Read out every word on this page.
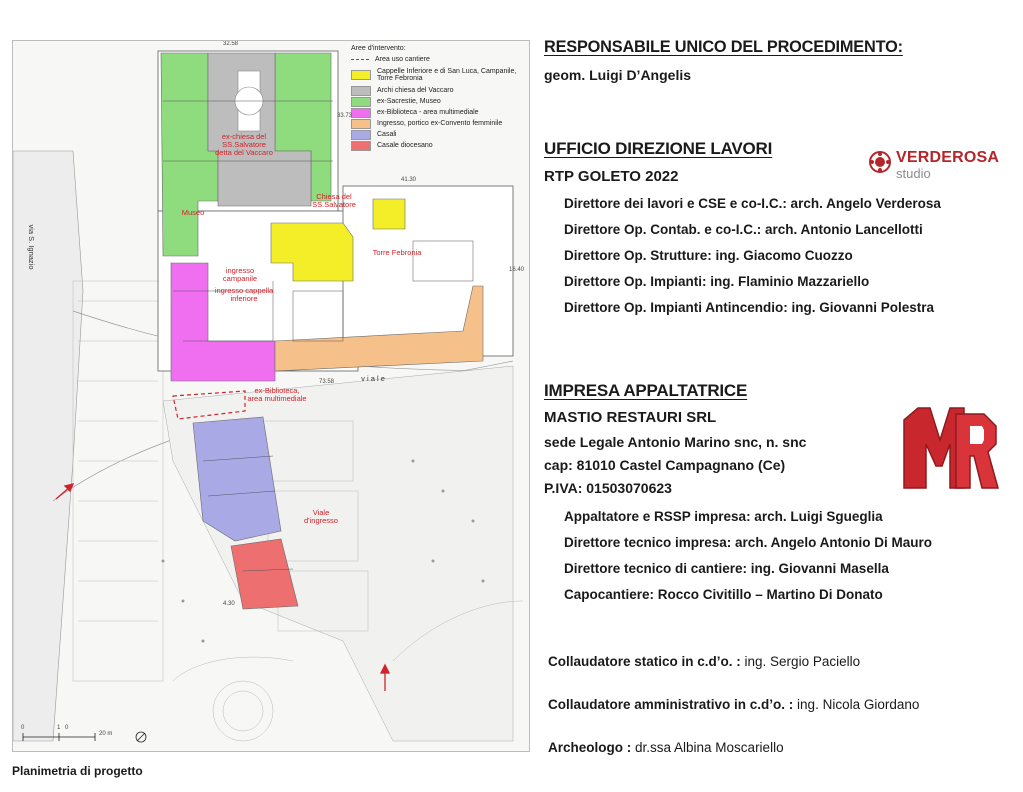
Aree d'intervento:
Area uso cantiere
Cappelle Inferiore e di San Luca, Campanile, Torre Febronia
Archi chiesa del Vaccaro
ex-Sacrestie, Museo
ex-Biblioteca - area multimediale
Ingresso, portico ex-Convento femminile
Casali
Casale diocesano
ex-chiesa del SS.Salvatore detta del Vaccaro
Museo
Chiesa del SS.Salvatore
Torre Febronia
ingresso campanile
ingresso cappella inferiore
ex-Biblioteca, area multimediale
Viale d'ingresso
via S. Ignazio
v i a l e
32.58
41.30
73.58
33.73
16.40
4.30
0	1 0
20 m
Planimetria di progetto
RESPONSABILE UNICO DEL PROCEDIMENTO:
geom. Luigi D’Angelis
UFFICIO DIREZIONE LAVORI
RTP GOLETO 2022
VERDEROSA
studio
Direttore dei lavori e CSE e co-I.C.: arch. Angelo Verderosa
Direttore Op. Contab. e co-I.C.: arch. Antonio Lancellotti
Direttore Op. Strutture: ing. Giacomo Cuozzo
Direttore Op. Impianti: ing. Flaminio Mazzariello
Direttore Op. Impianti Antincendio: ing. Giovanni Polestra
IMPRESA APPALTATRICE
MASTIO RESTAURI SRL
sede Legale Antonio Marino snc, n. snc
cap: 81010 Castel Campagnano (Ce)
P.IVA: 01503070623
Appaltatore e RSSP impresa: arch. Luigi Sgueglia
Direttore tecnico impresa: arch. Angelo Antonio Di Mauro
Direttore tecnico di cantiere: ing. Giovanni Masella
Capocantiere: Rocco Civitillo – Martino Di Donato
Collaudatore statico in c.d’o. : ing. Sergio Paciello
Collaudatore amministrativo in c.d’o. : ing. Nicola Giordano
Archeologo : dr.ssa Albina Moscariello
